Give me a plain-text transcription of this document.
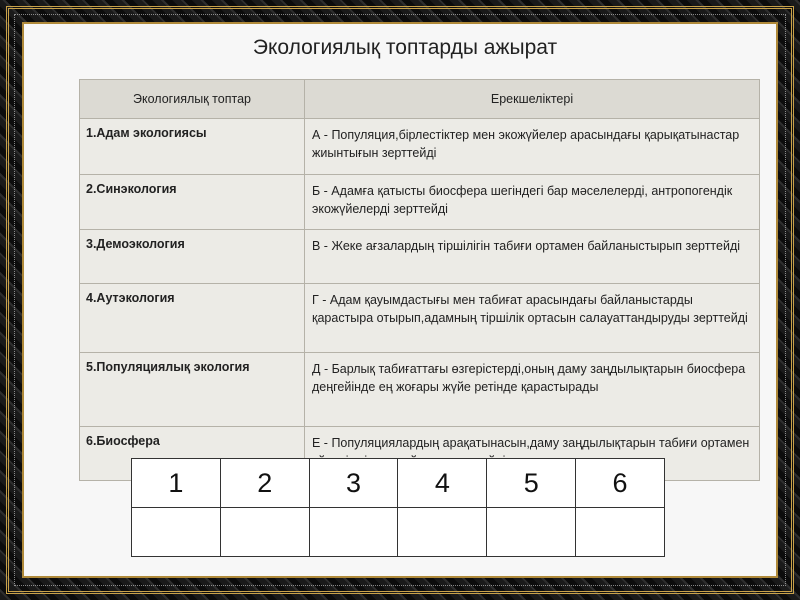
Экологиялық топтарды ажырат
Экологиялық топтар	Ерекшеліктері
1.Адам экологиясы	А - Популяция,бірлестіктер мен экожүйелер арасындағы қарықатынастар жиынтығын зерттейді
2.Синэкология	Б - Адамға қатысты биосфера шегіндегі бар мәселелерді, антропогендік экожүйелерді зерттейді
3.Демоэкология	В - Жеке ағзалардың тіршілігін табиғи ортамен байланыстырып зерттейді
4.Аутэкология	Г - Адам қауымдастығы мен табиғат арасындағы байланыстарды қарастыра отырып,адамның тіршілік ортасын салауаттандыруды зерттейді
5.Популяциялық экология	Д - Барлық табиғаттағы өзгерістерді,оның даму заңдылықтарын биосфера деңгейінде ең жоғары жүйе ретінде қарастырады
6.Биосфера	Е - Популяциялардың арақатынасын,даму заңдылықтарын табиғи ортамен
1	2	3	4	5	6
